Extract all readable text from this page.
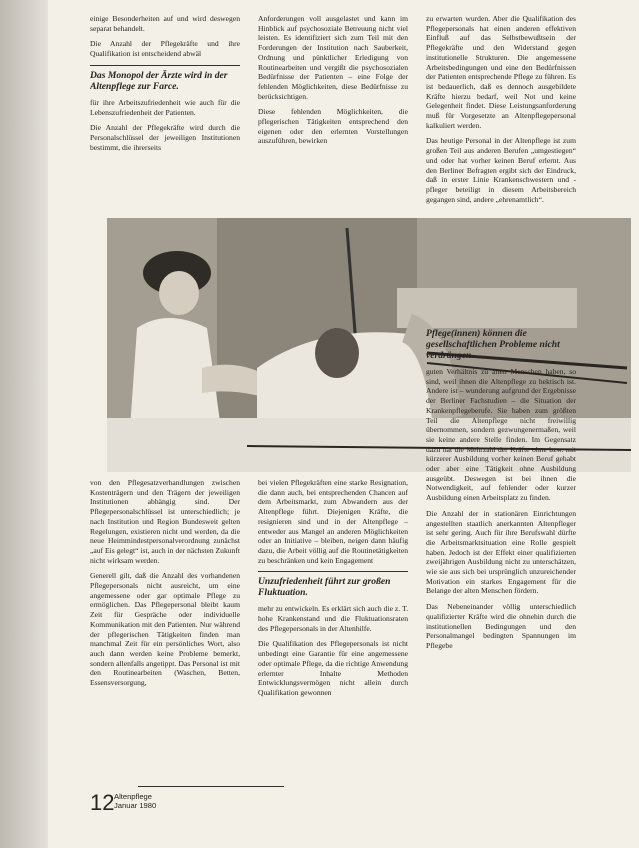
einige Besonderheiten auf und wird deswegen separat behandelt.

Die Anzahl der Pflegekräfte und ihre Qualifikation ist entscheidend abwäl

Das Monopol der Ärzte wird in der Altenpflege zur Farce.

für ihre Arbeitszufriedenheit wie auch für die Lebenszufriedenheit der Patienten.

Die Anzahl der Pflegekräfte wird durch die Personalschlüssel der jeweiligen Institutionen bestimmt, die ihrerseits

Anforderungen voll ausgelastet und kann im Hinblick auf psychosoziale Betreuung nicht viel leisten. Es identifiziert sich zum Teil mit den Forderungen der Institution nach Sauberkeit, Ordnung und pünktlicher Erledigung von Routinearbeiten und vergißt die psychosozialen Bedürfnisse der Patienten – eine Folge der fehlenden Möglichkeiten, diese Bedürfnisse zu berücksichtigen.

Diese fehlenden Möglichkeiten, die pflegerischen Tätigkeiten entsprechend den eigenen oder den erlernten Vorstellungen auszuführen, bewirken

zu erwarten wurden. Aber die Qualifikation des Pflegepersonals hat einen anderen effektiven Einfluß auf das Selbstbewußtsein der Pflegekräfte und den Widerstand gegen institutionelle Strukturen. Die angemessene Arbeitsbedingungen und eine den Bedürfnissen der Patienten entsprechende Pflege zu führen. Es ist bedauerlich, daß es dennoch ausgebildete Kräfte hierzu bedarf, weil Not und keine Gelegenheit findet. Diese Leistungsanforderung muß für Vorgesetzte an Altenpflegepersonal kalkuliert werden.

Das heutige Personal in der Altenpflege ist zum großen Teil aus anderen Berufen „umgestiegen“ und oder hat vorher keinen Beruf erlernt. Aus den Berliner Befragten ergibt sich der Eindruck, daß in erster Linie Krankenschwestern und -pfleger beteiligt in diesem Arbeitsbereich gegangen sind, andere „ehrenamtlich“.

von den Pflegesatzverhandlungen zwischen Kostenträgern und den Trägern der jeweiligen Institutionen abhängig sind. Der Pflegepersonalschlüssel ist unterschiedlich; je nach Institution und Region Bundesweit gelten Regelungen, existieren nicht und werden, da die neue Heimmindestpersonalverordnung zunächst „auf Eis gelegt“ ist, auch in der nächsten Zukunft nicht wirksam werden.

Generell gilt, daß die Anzahl des vorhandenen Pflegepersonals nicht ausreicht, um eine angemessene oder gar optimale Pflege zu ermöglichen. Das Pflegepersonal bleibt kaum Zeit für Gespräche oder individuelle Kommunikation mit den Patienten. Nur während der pflegerischen Tätigkeiten finden man manchmal Zeit für ein persönliches Wort, also auch dann werden keine Probleme bemerkt, sondern allenfalls angetippt. Das Personal ist mit den Routinearbeiten (Waschen, Betten, Essensversorgung,

bei vielen Pflegekräften eine starke Resignation, die dann auch, bei entsprechenden Chancen auf dem Arbeitsmarkt, zum Abwandern aus der Altenpflege führt. Diejenigen Kräfte, die resignieren sind und in der Altenpflege – entweder aus Mangel an anderen Möglichkeiten oder an Initiative – bleiben, neigen dann häufig dazu, die Arbeit völlig auf die Routinetätigkeiten zu beschränken und kein Engagement

Unzufriedenheit führt zur großen Fluktuation.

mehr zu entwickeln. Es erklärt sich auch die z. T. hohe Krankenstand und die Fluktuationsraten des Pflegepersonals in der Altenhilfe.

Die Qualifikation des Pflegepersonals ist nicht unbedingt eine Garantie für eine angemessene oder optimale Pflege, da die richtige Anwendung erlernter Inhalte Methoden Entwicklungsvermögen nicht allein durch Qualifikation gewonnen

Pflege(innen) können die gesellschaftlichen Probleme nicht verdrängen.

guten Verhältnis zu alten Menschen haben, so sind, weil ihnen die Altenpflege zu hektisch ist. Andere ist – wunderung aufgrund der Ergebnisse der Berliner Fachstudien – die Situation der Krankenpflegeberufe. Sie haben zum größten Teil die Altenpflege nicht freiwillig übernommen, sondern gezwungenermaßen, weil sie keine andere Stelle finden. Im Gegensatz dazu hat die Mehrzahl der Kräfte ohne bzw. mit kürzerer Ausbildung vorher keinen Beruf gehabt oder aber eine Tätigkeit ohne Ausbildung ausgeübt. Deswegen ist bei ihnen die Notwendigkeit, auf fehlender oder kurzer Ausbildung einen Arbeitsplatz zu finden.

Die Anzahl der in stationären Einrichtungen angestellten staatlich anerkannten Altenpfleger ist sehr gering. Auch für ihre Berufswahl dürfte die Arbeitsmarktsituation eine Rolle gespielt haben. Jedoch ist der Effekt einer qualifizierten zweijährigen Ausbildung nicht zu unterschätzen, wie sie aus sich bei ursprünglich unzureichender Motivation ein starkes Engagement für die Belange der alten Menschen fördern.

Das Nebeneinander völlig unterschiedlich qualifizierter Kräfte wird die ohnehin durch die institutionellen Bedingungen und den Personalmangel bedingten Spannungen im Pflegebe

12 Altenpflege
Januar 1980
